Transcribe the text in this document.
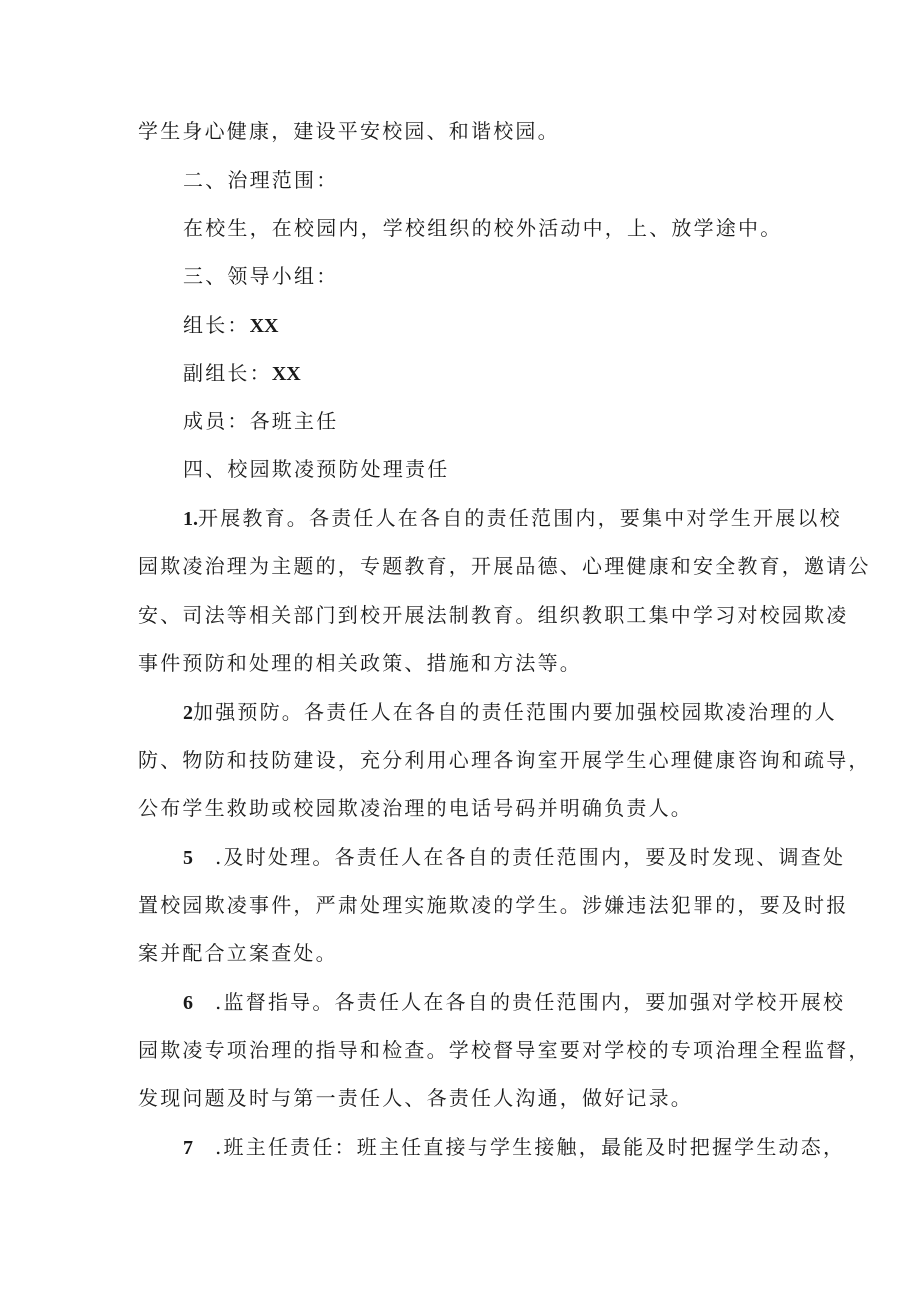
学生身心健康，建设平安校园、和谐校园。

二、治理范围：

在校生，在校园内，学校组织的校外活动中，上、放学途中。

三、领导小组：

组长：XX

副组长：XX

成员：各班主任

四、校园欺凌预防处理责任

1.开展教育。各责任人在各自的责任范围内，要集中对学生开展以校

园欺凌治理为主题的，专题教育，开展品德、心理健康和安全教育，邀请公

安、司法等相关部门到校开展法制教育。组织教职工集中学习对校园欺凌

事件预防和处理的相关政策、措施和方法等。

2加强预防。各责任人在各自的责任范围内要加强校园欺凌治理的人

防、物防和技防建设，充分利用心理各询室开展学生心理健康咨询和疏导，

公布学生救助或校园欺凌治理的电话号码并明确负责人。

5 .及时处理。各责任人在各自的责任范围内，要及时发现、调查处

置校园欺凌事件，严肃处理实施欺凌的学生。涉嫌违法犯罪的，要及时报

案并配合立案查处。

6 .监督指导。各责任人在各自的贵任范围内，要加强对学校开展校

园欺凌专项治理的指导和检查。学校督导室要对学校的专项治理全程监督，

发现问题及时与第一责任人、各责任人沟通，做好记录。

7 .班主任责任：班主任直接与学生接触，最能及时把握学生动态，
